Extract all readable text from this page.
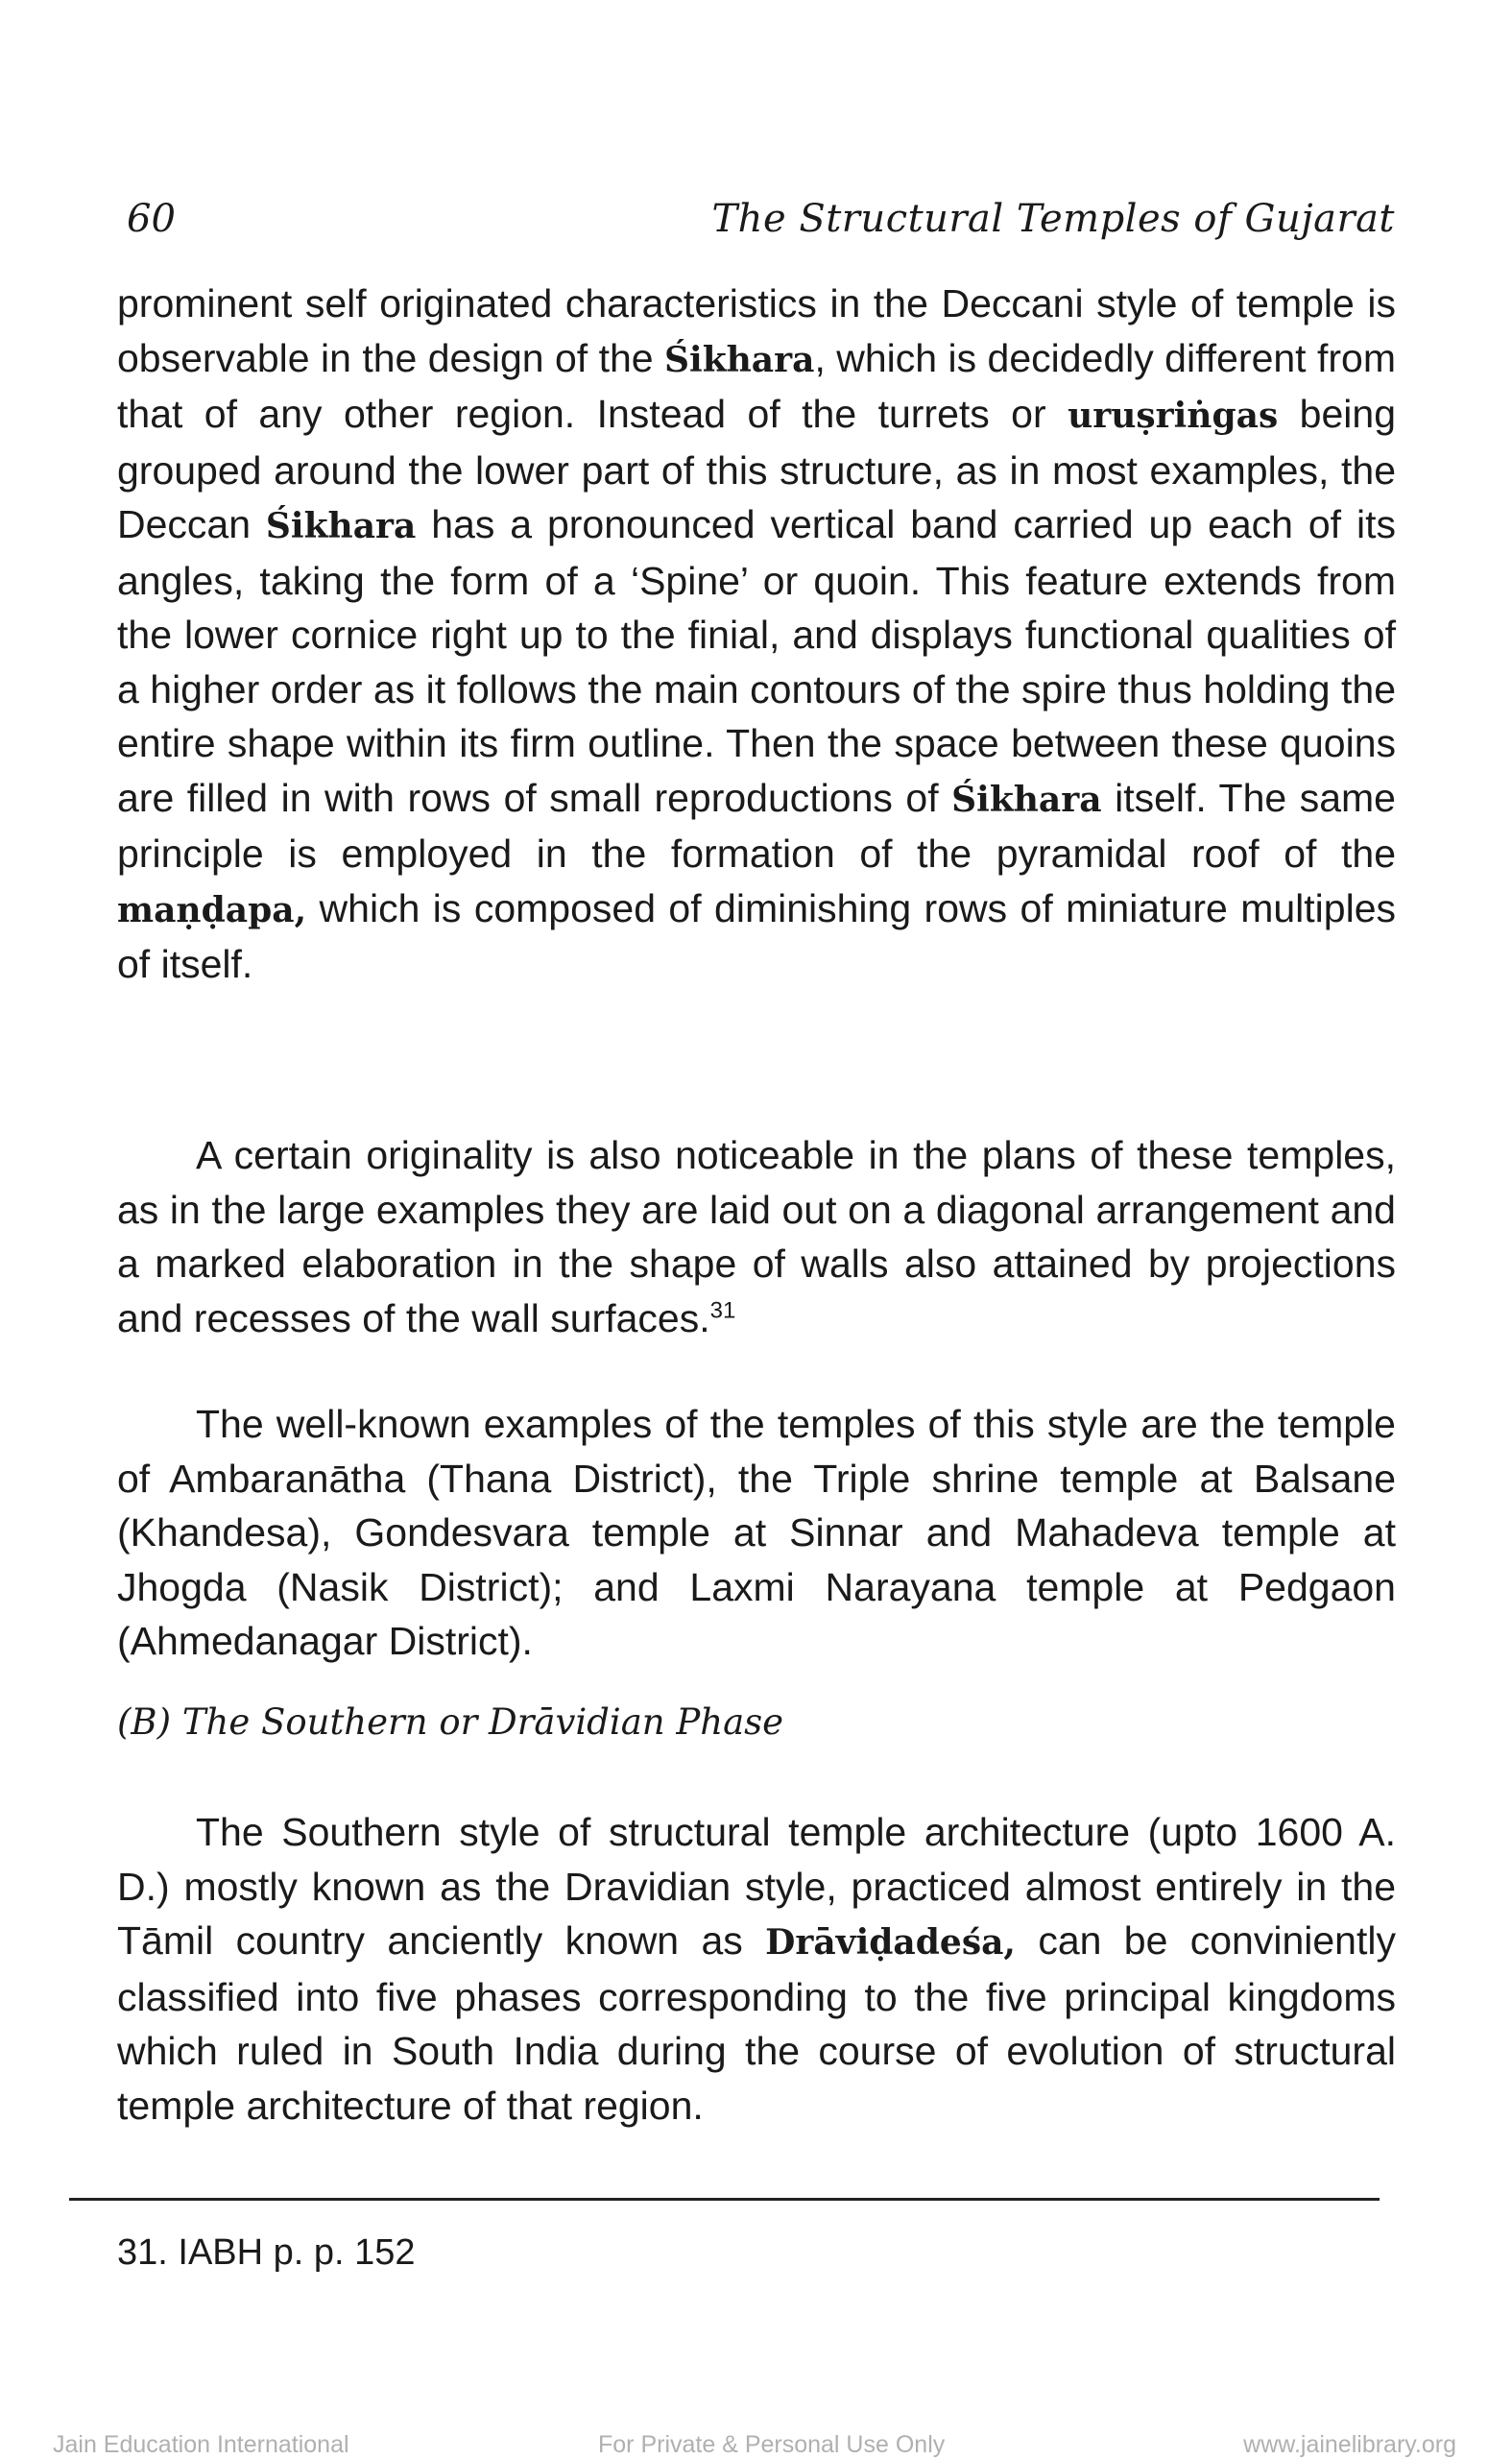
60	The Structural Temples of Gujarat

prominent self originated characteristics in the Deccani style of temple is observable in the design of the Śikhara, which is decidedly different from that of any other region. Instead of the turrets or uruṣriṅgas being grouped around the lower part of this structure, as in most examples, the Deccan Śikhara has a pronounced vertical band carried up each of its angles, taking the form of a ‘Spine’ or quoin. This feature extends from the lower cornice right up to the finial, and displays functional qualities of a higher order as it follows the main contours of the spire thus holding the entire shape within its firm outline. Then the space between these quoins are filled in with rows of small reproductions of Śikhara itself. The same principle is employed in the formation of the pyramidal roof of the maṇḍapa, which is composed of diminishing rows of miniature multiples of itself.

A certain originality is also noticeable in the plans of these temples, as in the large examples they are laid out on a diagonal arrangement and a marked elaboration in the shape of walls also attained by projections and recesses of the wall surfaces.$^{31}$

The well-known examples of the temples of this style are the temple of Ambaranātha (Thana District), the Triple shrine temple at Balsane (Khandesa), Gondesvara temple at Sinnar and Mahadeva temple at Jhogda (Nasik District); and Laxmi Narayana temple at Pedgaon (Ahmedanagar District).

(B) The Southern or Drāvidian Phase

The Southern style of structural temple architecture (upto 1600 A. D.) mostly known as the Dravidian style, practiced almost entirely in the Tāmil country anciently known as Drāviḍadeśa, can be conviniently classified into five phases corresponding to the five principal kingdoms which ruled in South India during the course of evolution of structural temple architecture of that region.

31. IABH p. p. 152

Jain Education International	For Private & Personal Use Only	www.jainelibrary.org
